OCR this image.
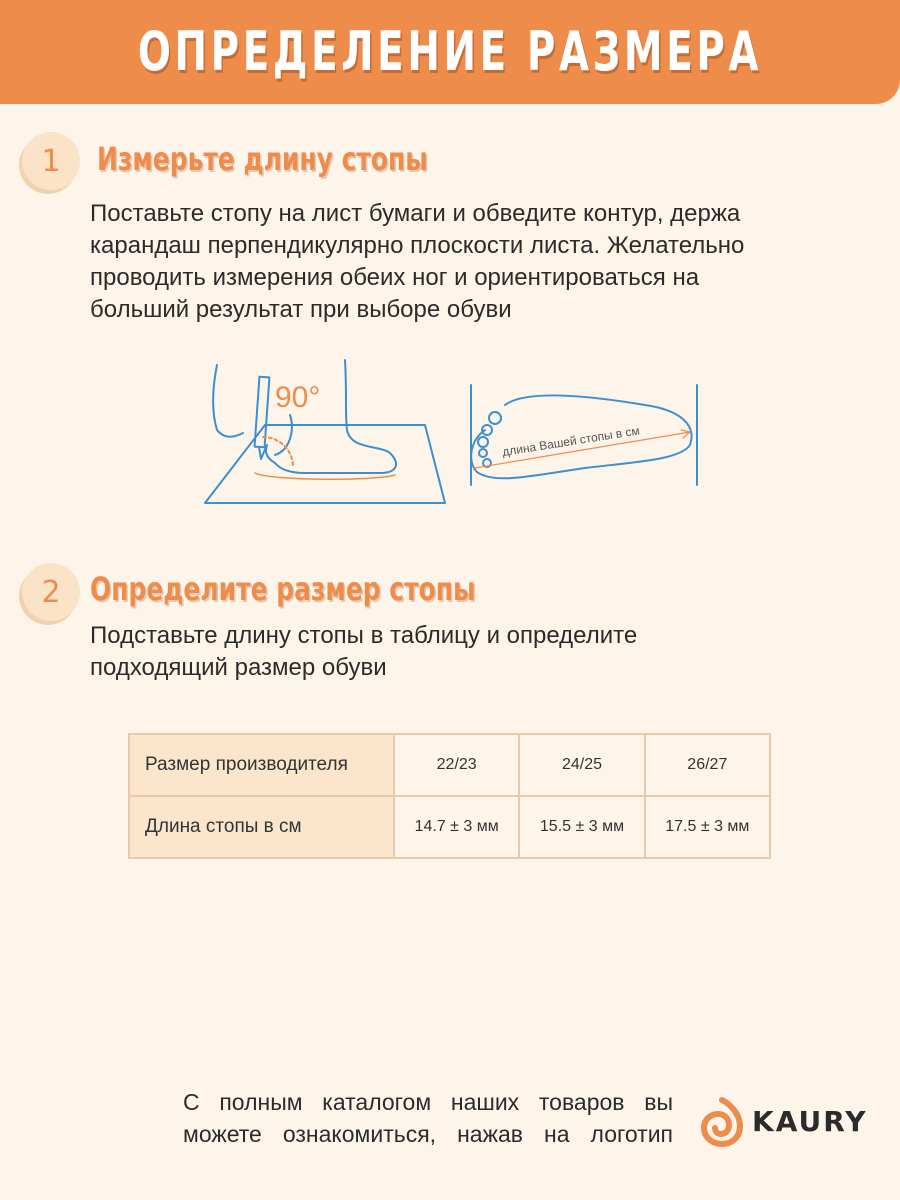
ОПРЕДЕЛЕНИЕ РАЗМЕРА
1 Измерьте длину стопы

Поставьте стопу на лист бумаги и обведите контур, держа
карандаш перпендикулярно плоскости листа. Желательно
проводить измерения обеих ног и ориентироваться на
больший результат при выборе обуви

90°
длина Вашей стопы в см
2 Определите размер стопы

Подставьте длину стопы в таблицу и определите
подходящий размер обуви

Размер производителя	22/23	24/25	26/27
Длина стопы в см	14.7 ± 3 мм	15.5 ± 3 мм	17.5 ± 3 мм

С полным каталогом наших товаров вы
можете ознакомиться, нажав на логотип	KAURY
